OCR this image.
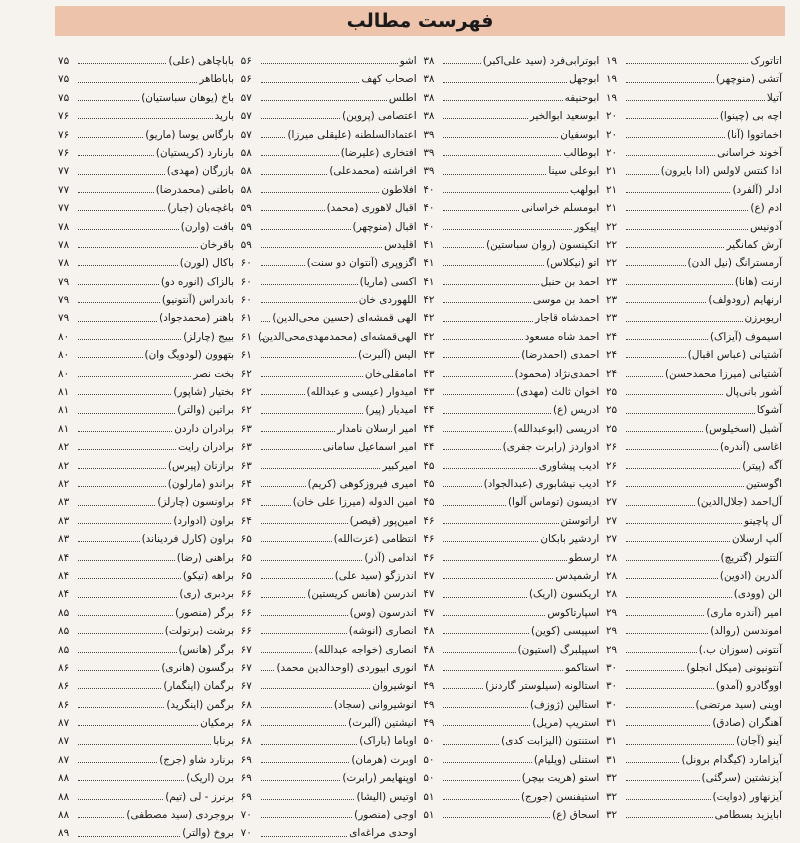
فهرست مطالب
اتاتورک
۱۹
آتشی (منوچهر)
۱۹
آتیلا
۱۹
اچه بی (چینوا)
۲۰
اخماتووا (آنا)
۲۰
آخوند خراسانی
۲۰
ادا کنتس لاولس (ادا بایرون)
۲۱
ادلر (آلفرد)
۲۱
ادم (ع)
۲۱
آدونیس
۲۲
آرش کمانگیر
۲۲
آرمسترانگ (نیل الدن)
۲۲
ارنت (هانا)
۲۳
ارنهایم (رودولف)
۲۳
اریوبرزن
۲۳
اسیموف (آیزاک)
۲۴
آشتیانی (عباس اقبال)
۲۴
آشتیانی (میرزا محمدحسن)
۲۴
آشور بانی‌پال
۲۵
آشوکا
۲۵
آشیل (اسخیلوس)
۲۵
اغاسی (آندره)
۲۶
آگه (پیتر)
۲۶
اگوستین
۲۶
آل‌احمد (جلال‌الدین)
۲۷
آل پاچینو
۲۷
آلپ ارسلان
۲۷
آلتتولر (گتریچ)
۲۸
آلدرین (ادوین)
۲۸
الن (وودی)
۲۸
امیر (آندره ماری)
۲۹
اموندسن (روالد)
۲۹
آنتونی (سوزان ب.)
۲۹
آنتونیونی (میکل انجلو)
۳۰
اووگادرو (آمدو)
۳۰
اوینی (سید مرتضی)
۳۰
آهنگران (صادق)
۳۱
آینو (آجان)
۳۱
آیزامارد (کیگدام برونل)
۳۱
آیزنشتین (سرگئی)
۳۲
آیزنهاور (دوایت)
۳۲
ابایزید بسطامی
۳۲
ابوترابی‌فرد (سید علی‌اکبر)
۳۸
ابوجهل
۳۸
ابوحنیفه
۳۸
ابوسعید ابوالخیر
۳۸
ابوسفیان
۳۹
ابوطالب
۳۹
ابوعلی سینا
۳۹
ابولهب
۴۰
ابومسلم خراسانی
۴۰
اپیکور
۴۰
اتکینسون (روان سباستین)
۴۱
اتو (نیکلاس)
۴۱
احمد بن حنبل
۴۱
احمد بن موسی
۴۲
احمدشاه قاجار
۴۲
احمد شاه مسعود
۴۲
احمدی (احمدرضا)
۴۳
احمدی‌نژاد (محمود)
۴۳
اخوان ثالث (مهدی)
۴۳
ادریس (ع)
۴۴
ادریسی (ابوعبدالله)
۴۴
ادواردز (رابرت جفری)
۴۴
ادیب پیشاوری
۴۵
ادیب نیشابوری (عبدالجواد)
۴۵
ادیسون (توماس آلوا)
۴۵
اراتوستن
۴۶
اردشیر بابکان
۴۶
ارسطو
۴۶
ارشمیدس
۴۷
اریکسون (اریک)
۴۷
اسپارتاکوس
۴۷
اسپیسی (کوین)
۴۸
اسپیلبرگ (استیون)
۴۸
استاکمو
۴۸
استالونه (سیلوستر گاردنز)
۴۹
استالین (ژوزف)
۴۹
استریپ (مریل)
۴۹
استنتون (الیزابت کدی)
۵۰
استنلی (ویلیام)
۵۰
استو (هریت بیچر)
۵۰
استیفنسن (جورج)
۵۱
اسحاق (ع)
۵۱
اشو
۵۶
اصحاب کهف
۵۶
اطلس
۵۷
اعتصامی (پروین)
۵۷
اعتمادالسلطنه (علیقلی میرزا)
۵۷
افتخاری (علیرضا)
۵۸
افراشته (محمدعلی)
۵۸
افلاطون
۵۸
اقبال لاهوری (محمد)
۵۹
اقبال (منوچهر)
۵۹
اقلیدس
۵۹
اگزوپری (آنتوان دو سنت)
۶۰
اکسی (ماریا)
۶۰
اللهوردی خان
۶۰
الهی قمشه‌ای (حسین محی‌الدین)
۶۱
الهی‌قمشه‌ای (محمدمهدی‌محی‌الدین)
۶۱
الیس (آلبرت)
۶۱
امامقلی‌خان
۶۲
امیدوار (عیسی و عبدالله)
۶۲
امیدیار (پیر)
۶۲
امیر ارسلان نامدار
۶۳
امیر اسماعیل سامانی
۶۳
امیرکبیر
۶۳
امیری فیروزکوهی (کریم)
۶۴
امین الدوله (میرزا علی خان)
۶۴
امین‌پور (قیصر)
۶۴
انتظامی (عزت‌الله)
۶۵
اندامی (آذر)
۶۵
اندرزگو (سید علی)
۶۵
اندرسن (هانس کریستین)
۶۶
اندرسون (وس)
۶۶
انصاری (انوشه)
۶۶
انصاری (خواجه عبدالله)
۶۷
انوری ابیوردی (اوحدالدین محمد)
۶۷
انوشیروان
۶۷
انوشیروانی (سجاد)
۶۸
انیشتین (آلبرت)
۶۸
اوباما (باراک)
۶۸
اوبرت (هرمان)
۶۹
اوپنهایمر (رابرت)
۶۹
اوتیس (الیشا)
۶۹
اوجی (منصور)
۷۰
اوحدی مراغه‌ای
۷۰
باباچاهی (علی)
۷۵
باباطاهر
۷۵
باخ (یوهان سباستیان)
۷۵
بارید
۷۶
بارگاس یوسا (ماریو)
۷۶
بارنارد (کریستیان)
۷۶
بازرگان (مهدی)
۷۷
باطنی (محمدرضا)
۷۷
باغچه‌بان (جبار)
۷۷
بافت (وارن)
۷۸
باقرخان
۷۸
باکال (لورن)
۷۸
بالزاک (انوره دو)
۷۹
باندراس (آنتونیو)
۷۹
باهنر (محمدجواد)
۷۹
بییج (چارلز)
۸۰
بتهوون (لودویگ وان)
۸۰
بخت نصر
۸۰
بختیار (شاپور)
۸۱
براتین (والتر)
۸۱
برادران داردن
۸۱
برادران رایت
۸۲
برازنان (پیرس)
۸۲
براندو (مارلون)
۸۲
براونسون (چارلز)
۸۳
براون (ادوارد)
۸۳
براون (کارل فردیناند)
۸۳
براهنی (رضا)
۸۴
براهه (تیکو)
۸۴
بردبری (ری)
۸۴
برگر (منصور)
۸۵
برشت (برتولت)
۸۵
برگر (هانس)
۸۵
برگسون (هانری)
۸۶
برگمان (اینگمار)
۸۶
برگمن (اینگرید)
۸۶
برمکیان
۸۷
برنابا
۸۷
برنارد شاو (جرج)
۸۷
برن (اریک)
۸۸
برنرز - لی (تیم)
۸۸
بروجردی (سید مصطفی)
۸۸
بروخ (والتر)
۸۹
